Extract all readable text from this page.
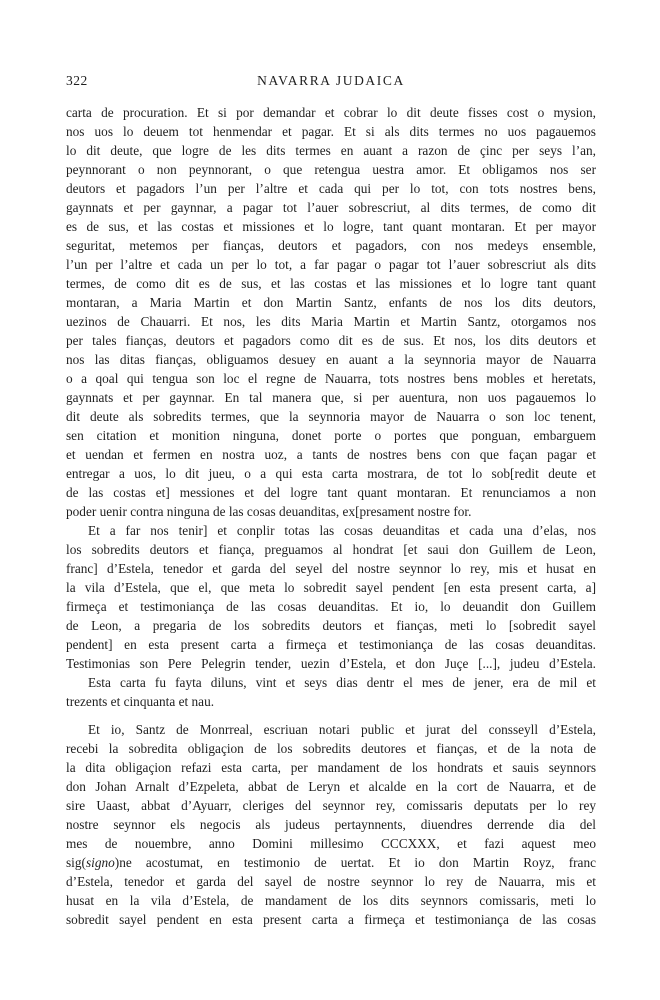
322	NAVARRA JUDAICA
carta de procuration. Et si por demandar et cobrar lo dit deute fisses cost o mysion,
nos uos lo deuem tot henmendar et pagar. Et si als dits termes no uos pagauemos
lo dit deute, que logre de les dits termes en auant a razon de çinc per seys l’an,
peynnorant o non peynnorant, o que retengua uestra amor. Et obligamos nos ser
deutors et pagadors l’un per l’altre et cada qui per lo tot, con tots nostres bens,
gaynnats et per gaynnar, a pagar tot l’auer sobrescriut, al dits termes, de como dit
es de sus, et las costas et missiones et lo logre, tant quant montaran. Et per mayor
seguritat, metemos per fianças, deutors et pagadors, con nos medeys ensemble,
l’un per l’altre et cada un per lo tot, a far pagar o pagar tot l’auer sobrescriut als dits
termes, de como dit es de sus, et las costas et las missiones et lo logre tant quant
montaran, a Maria Martin et don Martin Santz, enfants de nos los dits deutors,
uezinos de Chauarri. Et nos, les dits Maria Martin et Martin Santz, otorgamos nos
per tales fianças, deutors et pagadors como dit es de sus. Et nos, los dits deutors et
nos las ditas fianças, obliguamos desuey en auant a la seynnoria mayor de Nauarra
o a qoal qui tengua son loc el regne de Nauarra, tots nostres bens mobles et heretats,
gaynnats et per gaynnar. En tal manera que, si per auentura, non uos pagauemos lo
dit deute als sobredits termes, que la seynnoria mayor de Nauarra o son loc tenent,
sen citation et monition ninguna, donet porte o portes que ponguan, embarguem
et uendan et fermen en nostra uoz, a tants de nostres bens con que façan pagar et
entregar a uos, lo dit jueu, o a qui esta carta mostrara, de tot lo sob[redit deute et
de las costas et] messiones et del logre tant quant montaran. Et renunciamos a non
poder uenir contra ninguna de las cosas deuanditas, ex[presament nostre for.
Et a far nos tenir] et conplir totas las cosas deuanditas et cada una d’elas, nos
los sobredits deutors et fiança, preguamos al hondrat [et saui don Guillem de Leon,
franc] d’Estela, tenedor et garda del seyel del nostre seynnor lo rey, mis et husat en
la vila d’Estela, que el, que meta lo sobredit sayel pendent [en esta present carta, a]
firmeça et testimoniança de las cosas deuanditas. Et io, lo deuandit don Guillem
de Leon, a pregaria de los sobredits deutors et fianças, meti lo [sobredit sayel
pendent] en esta present carta a firmeça et testimoniança de las cosas deuanditas.
Testimonias son Pere Pelegrin tender, uezin d’Estela, et don Juçe [...], judeu d’Estela.
Esta carta fu fayta diluns, vint et seys dias dentr el mes de jener, era de mil et
trezents et cinquanta et nau.
Et io, Santz de Monrreal, escriuan notari public et jurat del consseyll d’Estela,
recebi la sobredita obligaçion de los sobredits deutores et fianças, et de la nota de
la dita obligaçion refazi esta carta, per mandament de los hondrats et sauis seynnors
don Johan Arnalt d’Ezpeleta, abbat de Leryn et alcalde en la cort de Nauarra, et de
sire Uaast, abbat d’Ayuarr, cleriges del seynnor rey, comissaris deputats per lo rey
nostre seynnor els negocis als judeus pertaynnents, diuendres derrende dia del
mes de nouembre, anno Domini millesimo CCCXXX, et fazi aquest meo
sig(signo)ne acostumat, en testimonio de uertat. Et io don Martin Royz, franc
d’Estela, tenedor et garda del sayel de nostre seynnor lo rey de Nauarra, mis et
husat en la vila d’Estela, de mandament de los dits seynnors comissaris, meti lo
sobredit sayel pendent en esta present carta a firmeça et testimoniança de las cosas
